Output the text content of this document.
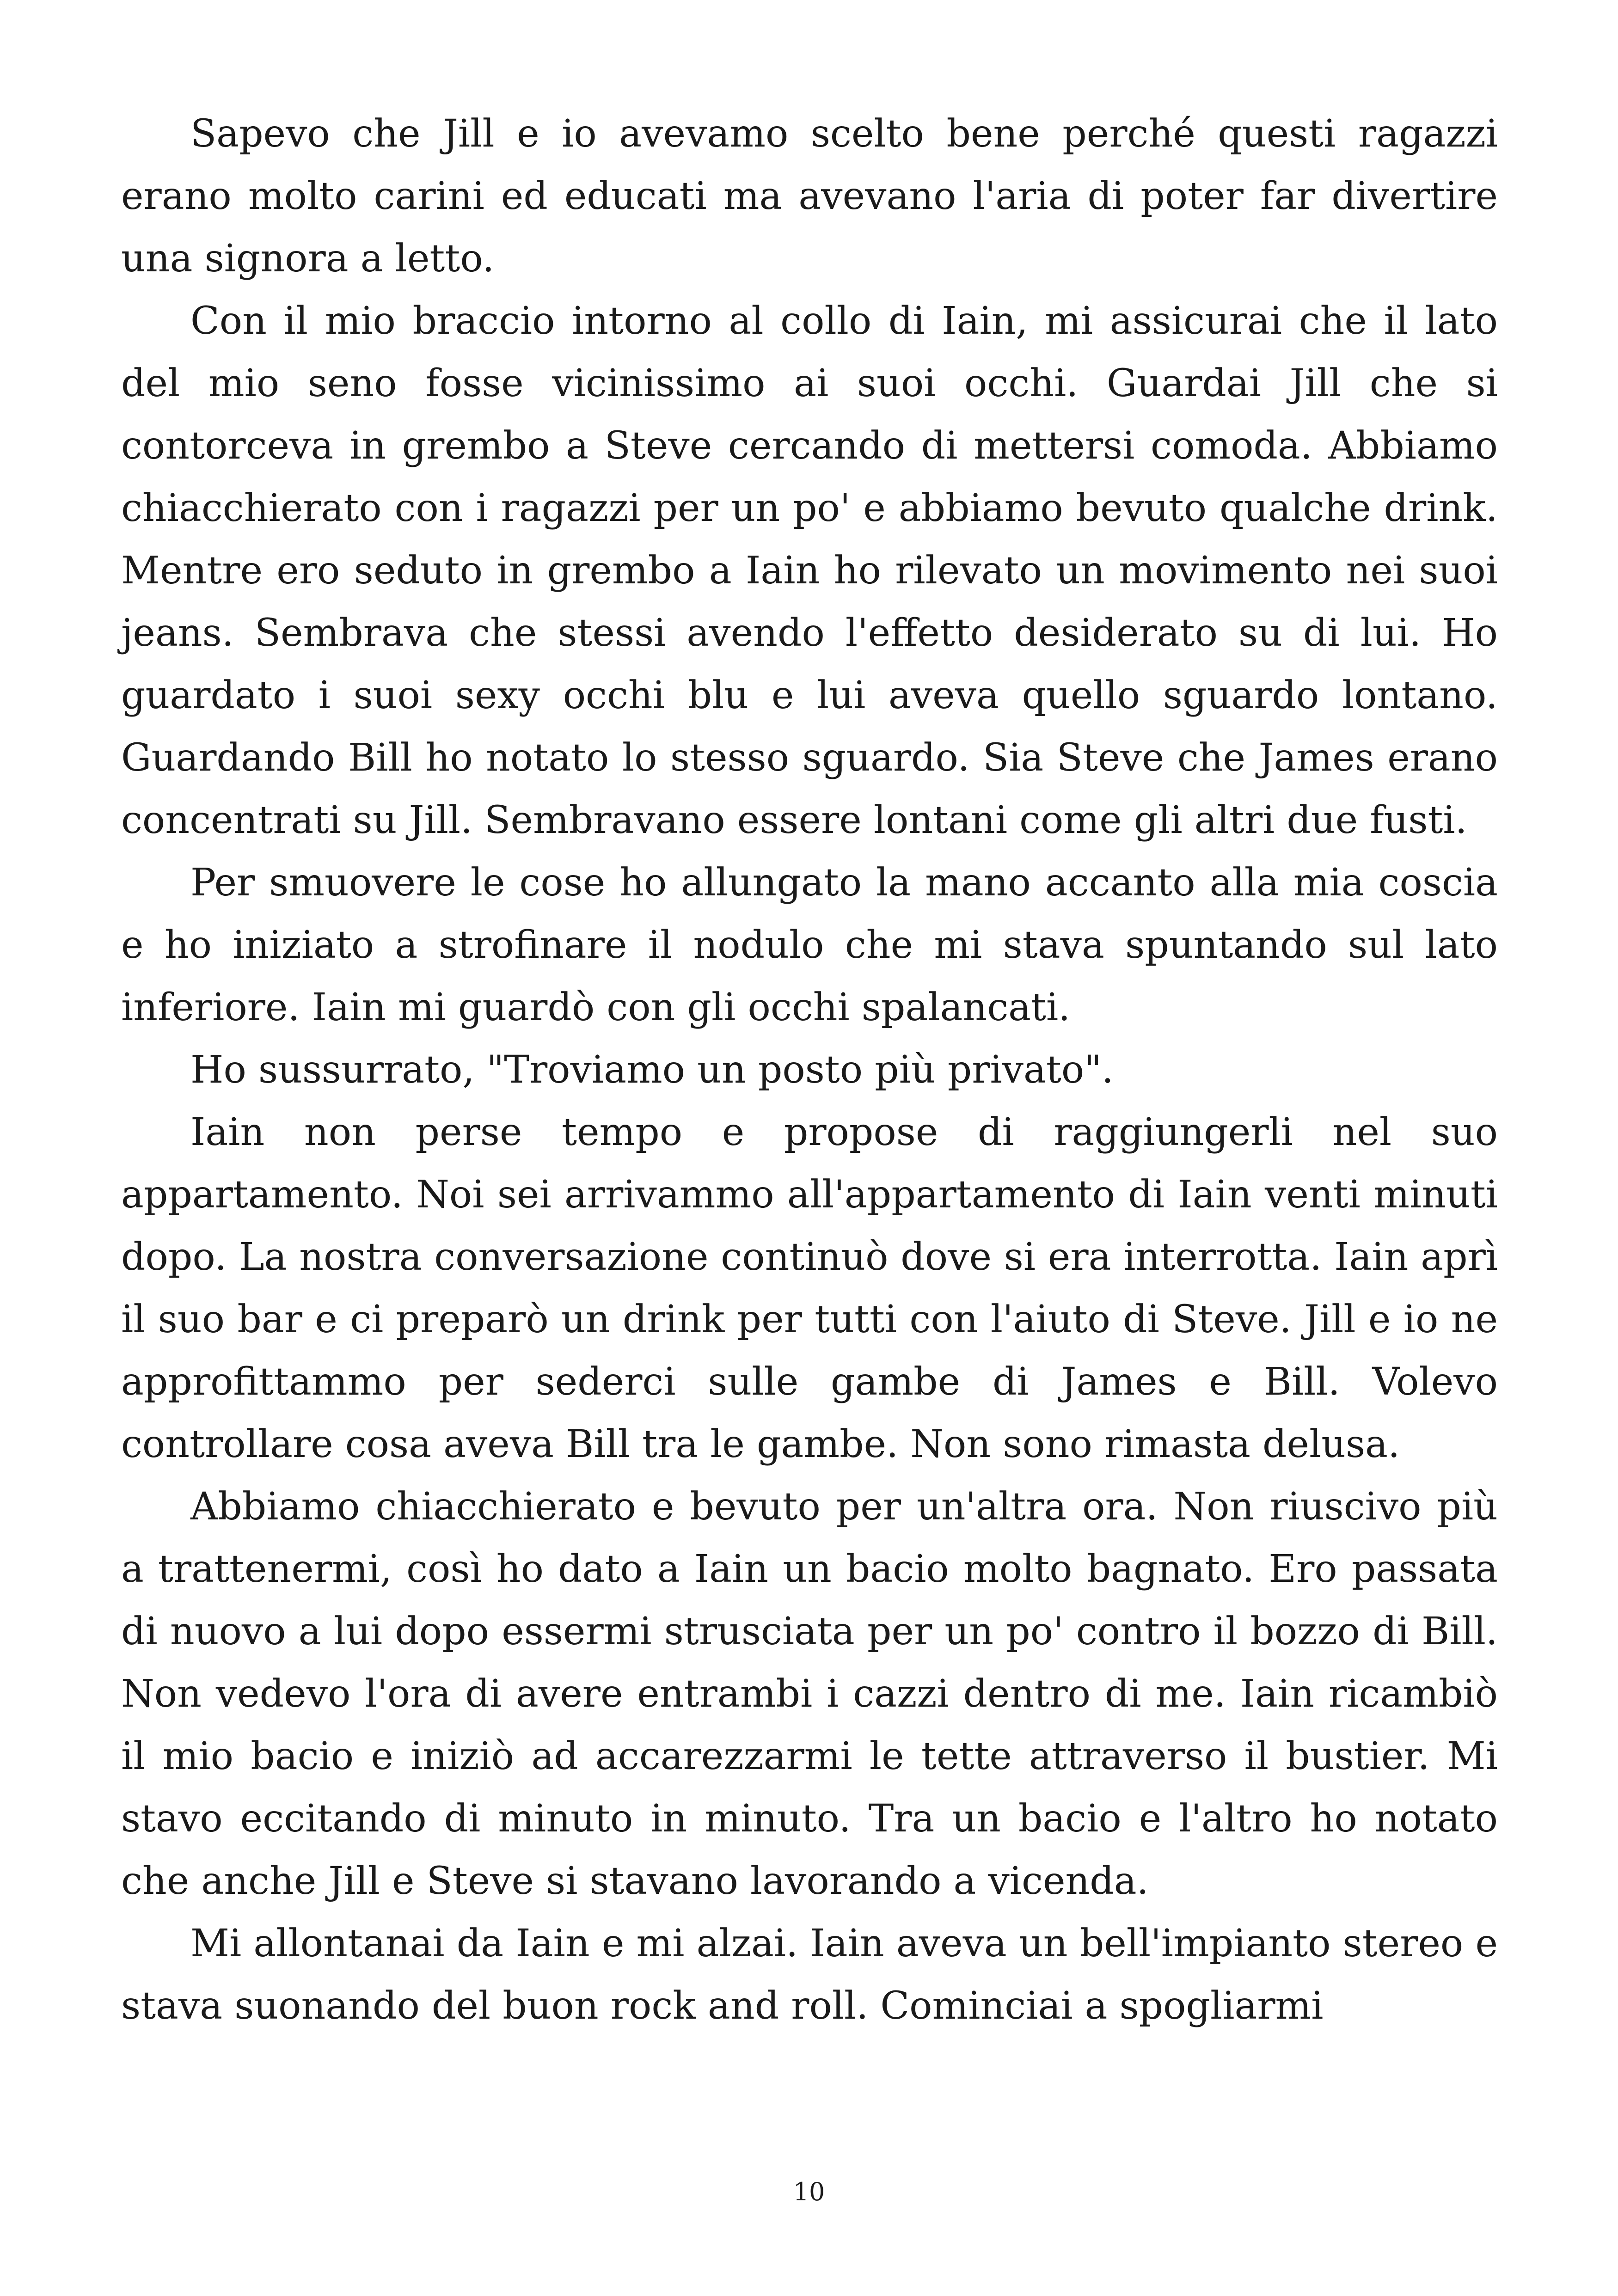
Sapevo che Jill e io avevamo scelto bene perché questi ragazzi erano molto carini ed educati ma avevano l'aria di poter far divertire una signora a letto.

Con il mio braccio intorno al collo di Iain, mi assicurai che il lato del mio seno fosse vicinissimo ai suoi occhi. Guardai Jill che si contorceva in grembo a Steve cercando di mettersi comoda. Abbiamo chiacchierato con i ragazzi per un po' e abbiamo bevuto qualche drink. Mentre ero seduto in grembo a Iain ho rilevato un movimento nei suoi jeans. Sembrava che stessi avendo l'effetto desiderato su di lui. Ho guardato i suoi sexy occhi blu e lui aveva quello sguardo lontano. Guardando Bill ho notato lo stesso sguardo. Sia Steve che James erano concentrati su Jill. Sembravano essere lontani come gli altri due fusti.

Per smuovere le cose ho allungato la mano accanto alla mia coscia e ho iniziato a strofinare il nodulo che mi stava spuntando sul lato inferiore. Iain mi guardò con gli occhi spalancati.

Ho sussurrato, "Troviamo un posto più privato".

Iain non perse tempo e propose di raggiungerli nel suo appartamento. Noi sei arrivammo all'appartamento di Iain venti minuti dopo. La nostra conversazione continuò dove si era interrotta. Iain aprì il suo bar e ci preparò un drink per tutti con l'aiuto di Steve. Jill e io ne approfittammo per sederci sulle gambe di James e Bill. Volevo controllare cosa aveva Bill tra le gambe. Non sono rimasta delusa.

Abbiamo chiacchierato e bevuto per un'altra ora. Non riuscivo più a trattenermi, così ho dato a Iain un bacio molto bagnato. Ero passata di nuovo a lui dopo essermi strusciata per un po' contro il bozzo di Bill. Non vedevo l'ora di avere entrambi i cazzi dentro di me. Iain ricambiò il mio bacio e iniziò ad accarezzarmi le tette attraverso il bustier. Mi stavo eccitando di minuto in minuto. Tra un bacio e l'altro ho notato che anche Jill e Steve si stavano lavorando a vicenda.

Mi allontanai da Iain e mi alzai. Iain aveva un bell'impianto stereo e stava suonando del buon rock and roll. Cominciai a spogliarmi

10
